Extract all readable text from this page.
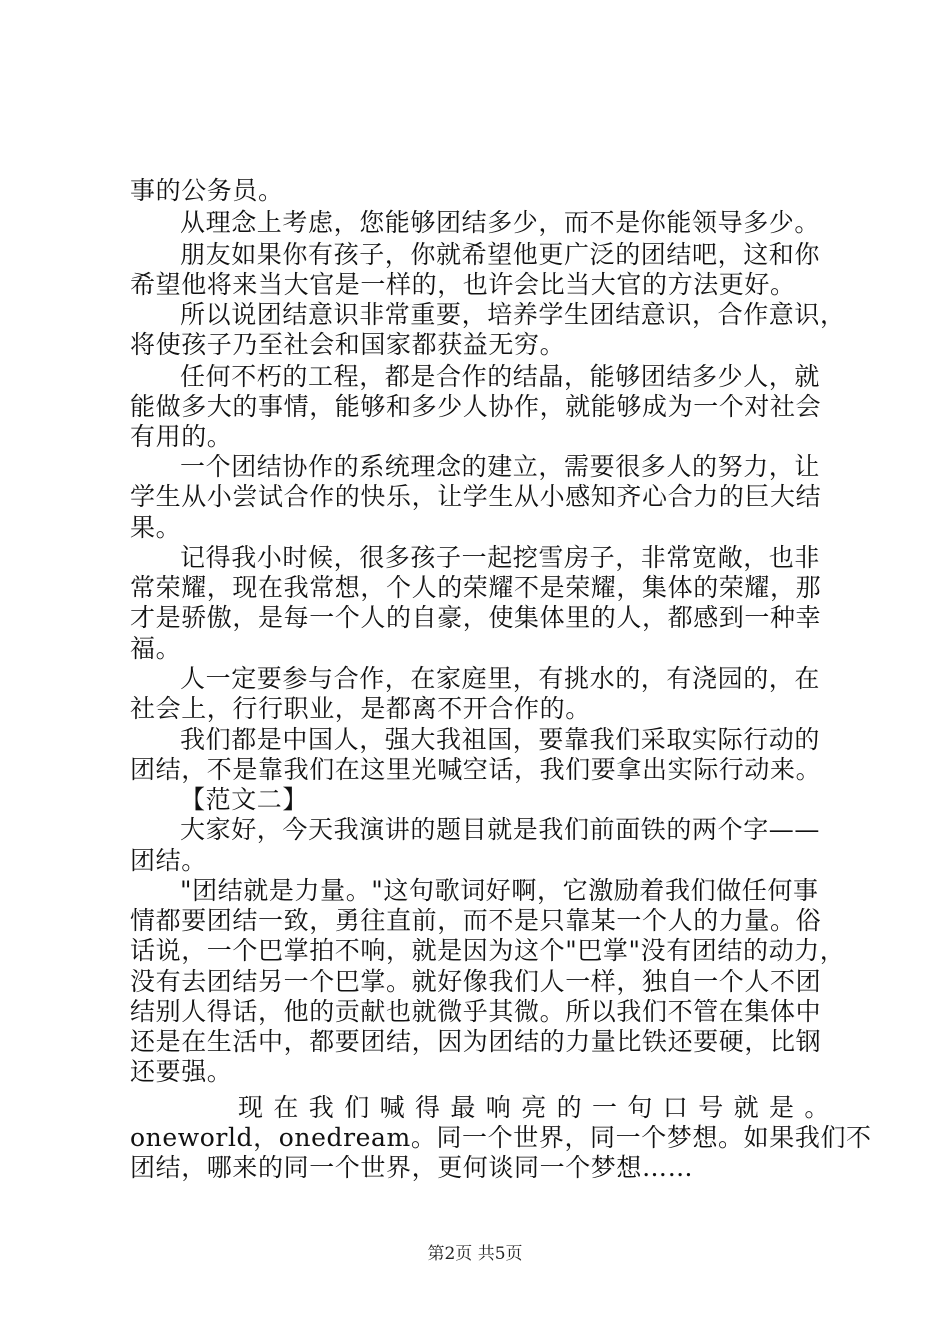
事的公务员。
从理念上考虑，您能够团结多少，而不是你能领导多少。
朋友如果你有孩子，你就希望他更广泛的团结吧，这和你
希望他将来当大官是一样的，也许会比当大官的方法更好。
所以说团结意识非常重要，培养学生团结意识，合作意识，
将使孩子乃至社会和国家都获益无穷。
任何不朽的工程，都是合作的结晶，能够团结多少人，就
能做多大的事情，能够和多少人协作，就能够成为一个对社会
有用的。
一个团结协作的系统理念的建立，需要很多人的努力，让
学生从小尝试合作的快乐，让学生从小感知齐心合力的巨大结
果。
记得我小时候，很多孩子一起挖雪房子，非常宽敞，也非
常荣耀，现在我常想，个人的荣耀不是荣耀，集体的荣耀，那
才是骄傲，是每一个人的自豪，使集体里的人，都感到一种幸
福。
人一定要参与合作，在家庭里，有挑水的，有浇园的，在
社会上，行行职业，是都离不开合作的。
我们都是中国人，强大我祖国，要靠我们采取实际行动的
团结，不是靠我们在这里光喊空话，我们要拿出实际行动来。
【范文二】
大家好，今天我演讲的题目就是我们前面铁的两个字——
团结。
"团结就是力量。"这句歌词好啊，它激励着我们做任何事
情都要团结一致，勇往直前，而不是只靠某一个人的力量。俗
话说，一个巴掌拍不响，就是因为这个"巴掌"没有团结的动力，
没有去团结另一个巴掌。就好像我们人一样，独自一个人不团
结别人得话，他的贡献也就微乎其微。所以我们不管在集体中
还是在生活中，都要团结，因为团结的力量比铁还要硬，比钢
还要强。
现在我们喊得最响亮的一句口号就是。
oneworld，onedream。同一个世界，同一个梦想。如果我们不
团结，哪来的同一个世界，更何谈同一个梦想……
第2页 共5页
